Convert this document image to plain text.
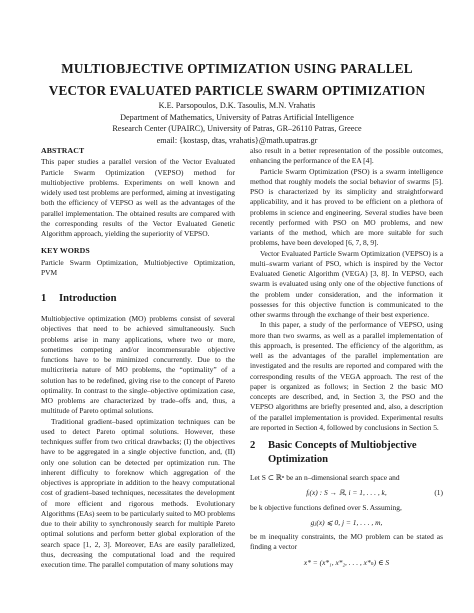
MULTIOBJECTIVE OPTIMIZATION USING PARALLEL
VECTOR EVALUATED PARTICLE SWARM OPTIMIZATION
K.E. Parsopoulos, D.K. Tasoulis, M.N. Vrahatis
Department of Mathematics, University of Patras Artificial Intelligence
Research Center (UPAIRC), University of Patras, GR–26110 Patras, Greece
email: {kostasp, dtas, vrahatis}@math.upatras.gr
ABSTRACT

This paper studies a parallel version of the Vector Evaluated Particle Swarm Optimization (VEPSO) method for multiobjective problems. Experiments on well known and widely used test problems are performed, aiming at investigating both the efficiency of VEPSO as well as the advantages of the parallel implementation. The obtained results are compared with the corresponding results of the Vector Evaluated Genetic Algorithm approach, yielding the superiority of VEPSO.

KEY WORDS

Particle Swarm Optimization, Multiobjective Optimization, PVM

1 Introduction

Multiobjective optimization (MO) problems consist of several objectives that need to be achieved simultaneously. Such problems arise in many applications, where two or more, sometimes competing and/or incommensurable objective functions have to be minimized concurrently. Due to the multicriteria nature of MO problems, the “optimality” of a solution has to be redefined, giving rise to the concept of Pareto optimality. In contrast to the single–objective optimization case, MO problems are characterized by trade–offs and, thus, a multitude of Pareto optimal solutions.

Traditional gradient–based optimization techniques can be used to detect Pareto optimal solutions. However, these techniques suffer from two critical drawbacks; (I) the objectives have to be aggregated in a single objective function, and, (II) only one solution can be detected per optimization run. The inherent difficulty to foreknow which aggregation of the objectives is appropriate in addition to the heavy computational cost of gradient–based techniques, necessitates the development of more efficient and rigorous methods. Evolutionary Algorithms (EAs) seem to be particularly suited to MO problems due to their ability to synchronously search for multiple Pareto optimal solutions and perform better global exploration of the search space [1, 2, 3]. Moreover, EAs are easily parallelized, thus, decreasing the computational load and the required execution time. The parallel computation of many solutions may

also result in a better representation of the possible outcomes, enhancing the performance of the EA [4].

Particle Swarm Optimization (PSO) is a swarm intelligence method that roughly models the social behavior of swarms [5]. PSO is characterized by its simplicity and straightforward applicability, and it has proved to be efficient on a plethora of problems in science and engineering. Several studies have been recently performed with PSO on MO problems, and new variants of the method, which are more suitable for such problems, have been developed [6, 7, 8, 9].

Vector Evaluated Particle Swarm Optimization (VEPSO) is a multi–swarm variant of PSO, which is inspired by the Vector Evaluated Genetic Algorithm (VEGA) [3, 8]. In VEPSO, each swarm is evaluated using only one of the objective functions of the problem under consideration, and the information it possesses for this objective function is communicated to the other swarms through the exchange of their best experience.

In this paper, a study of the performance of VEPSO, using more than two swarms, as well as a parallel implementation of this approach, is presented. The efficiency of the algorithm, as well as the advantages of the parallel implementation are investigated and the results are reported and compared with the corresponding results of the VEGA approach. The rest of the paper is organized as follows; in Section 2 the basic MO concepts are described, and, in Section 3, the PSO and the VEPSO algorithms are briefly presented and, also, a description of the parallel implementation is provided. Experimental results are reported in Section 4, followed by conclusions in Section 5.

2 Basic Concepts of Multiobjective Optimization

Let S ⊂ ℝⁿ be an n–dimensional search space and

fᵢ(x) : S → ℝ, i = 1, . . . , k,	(1)

be k objective functions defined over S. Assuming,

gⱼ(x) ⩽ 0, j = 1, . . . , m,

be m inequality constraints, the MO problem can be stated as finding a vector

x* = (x*₁, x*₂, . . . , x*ₙ) ∈ S
